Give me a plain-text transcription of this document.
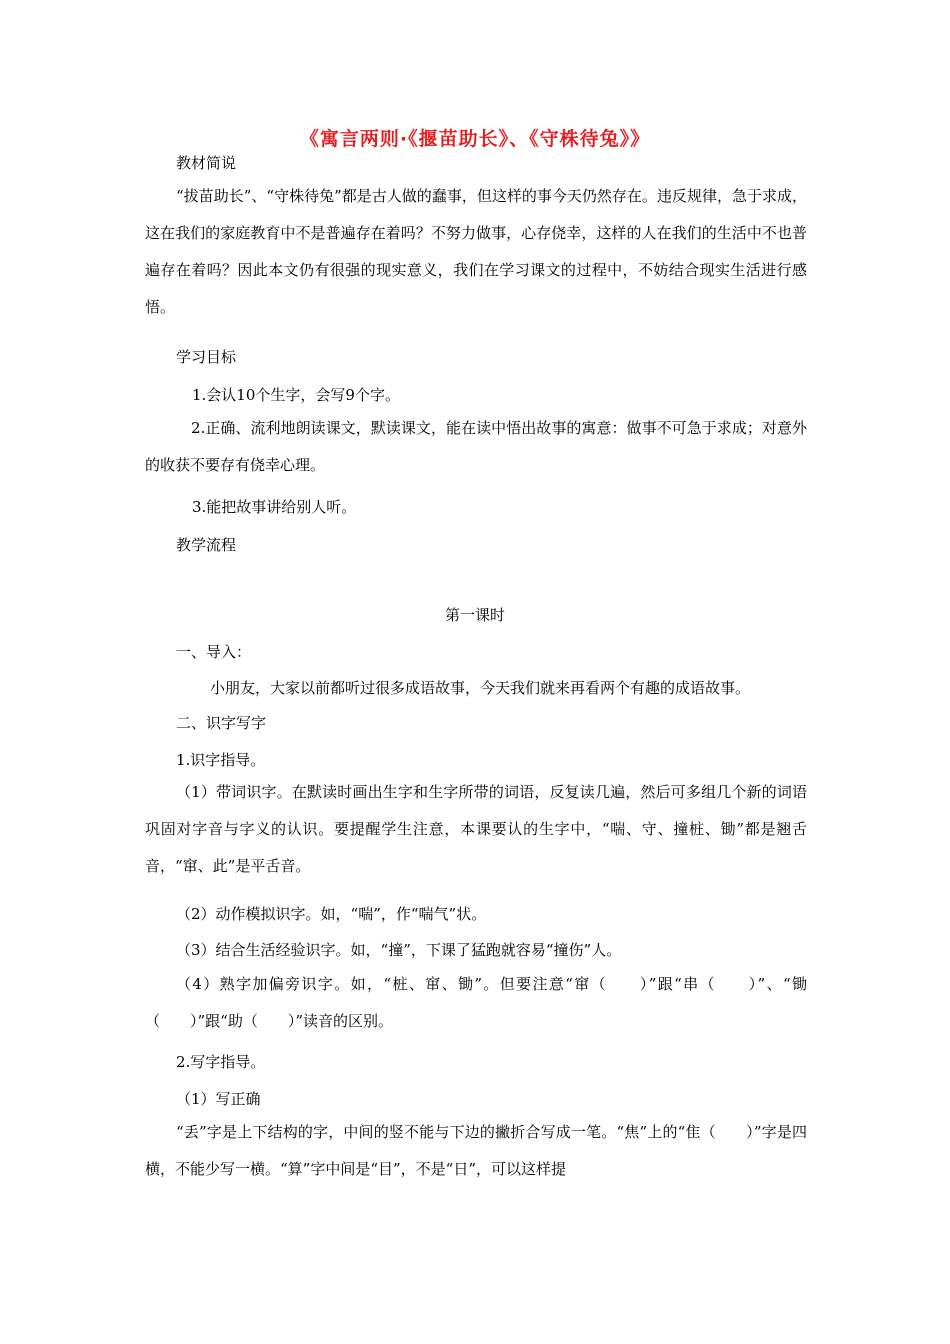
《寓言两则·《揠苗助长》、《守株待兔》》
教材简说

“拔苗助长”、“守株待兔”都是古人做的蠢事，但这样的事今天仍然存在。违反规律，急于求成，这在我们的家庭教育中不是普遍存在着吗？不努力做事，心存侥幸，这样的人在我们的生活中不也普遍存在着吗？因此本文仍有很强的现实意义，我们在学习课文的过程中，不妨结合现实生活进行感悟。

学习目标
1.会认10个生字，会写9个字。

2.正确、流利地朗读课文，默读课文，能在读中悟出故事的寓意：做事不可急于求成；对意外的收获不要存有侥幸心理。

3.能把故事讲给别人听。
教学流程
第一课时
一、导入：
小朋友，大家以前都听过很多成语故事，今天我们就来再看两个有趣的成语故事。
二、识字写字
1.识字指导。

（1）带词识字。在默读时画出生字和生字所带的词语，反复读几遍，然后可多组几个新的词语巩固对字音与字义的认识。要提醒学生注意，本课要认的生字中，“喘、守、撞桩、锄”都是翘舌音，“窜、此”是平舌音。

（2）动作模拟识字。如，“喘”，作“喘气”状。
（3）结合生活经验识字。如，“撞”，下课了猛跑就容易“撞伤”人。

（4）熟字加偏旁识字。如，“桩、窜、锄”。但要注意“窜（　　）”跟“串（　　）”、“锄（　　）”跟“助（　　）”读音的区别。

2.写字指导。
（1）写正确

“丢”字是上下结构的字，中间的竖不能与下边的撇折合写成一笔。“焦”上的“隹（　　）”字是四横，不能少写一横。“算”字中间是“目”，不是“日”，可以这样提
